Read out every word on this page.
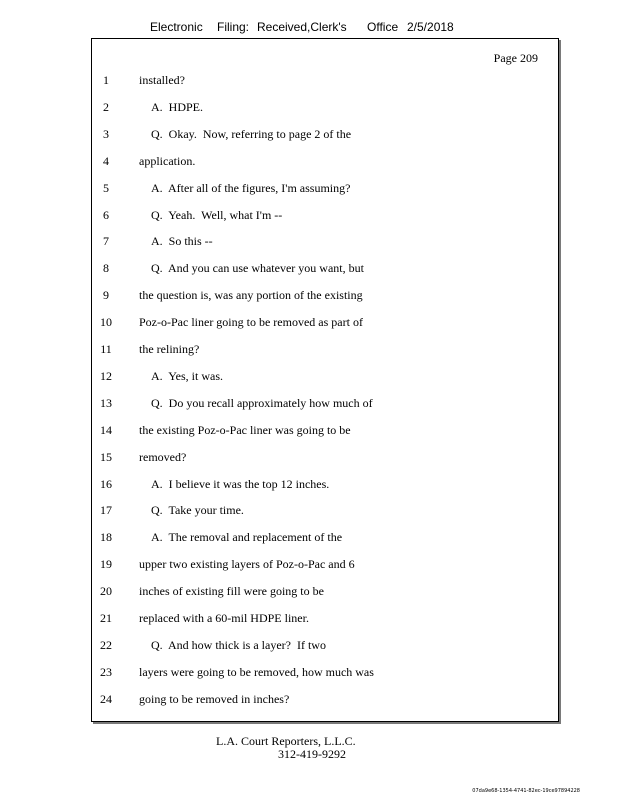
Electronic Filing: Received,Clerk's Office 2/5/2018
Page 209
1	installed?
2	A.  HDPE.
3	Q.  Okay.  Now, referring to page 2 of the
4	application.
5	A.  After all of the figures, I'm assuming?
6	Q.  Yeah.  Well, what I'm --
7	A.  So this --
8	Q.  And you can use whatever you want, but
9	the question is, was any portion of the existing
10	Poz-o-Pac liner going to be removed as part of
11	the relining?
12	A.  Yes, it was.
13	Q.  Do you recall approximately how much of
14	the existing Poz-o-Pac liner was going to be
15	removed?
16	A.  I believe it was the top 12 inches.
17	Q.  Take your time.
18	A.  The removal and replacement of the
19	upper two existing layers of Poz-o-Pac and 6
20	inches of existing fill were going to be
21	replaced with a 60-mil HDPE liner.
22	Q.  And how thick is a layer?  If two
23	layers were going to be removed, how much was
24	going to be removed in inches?
L.A. Court Reporters, L.L.C.
312-419-9292
07da9e68-1354-4741-82ec-19ce97894228
